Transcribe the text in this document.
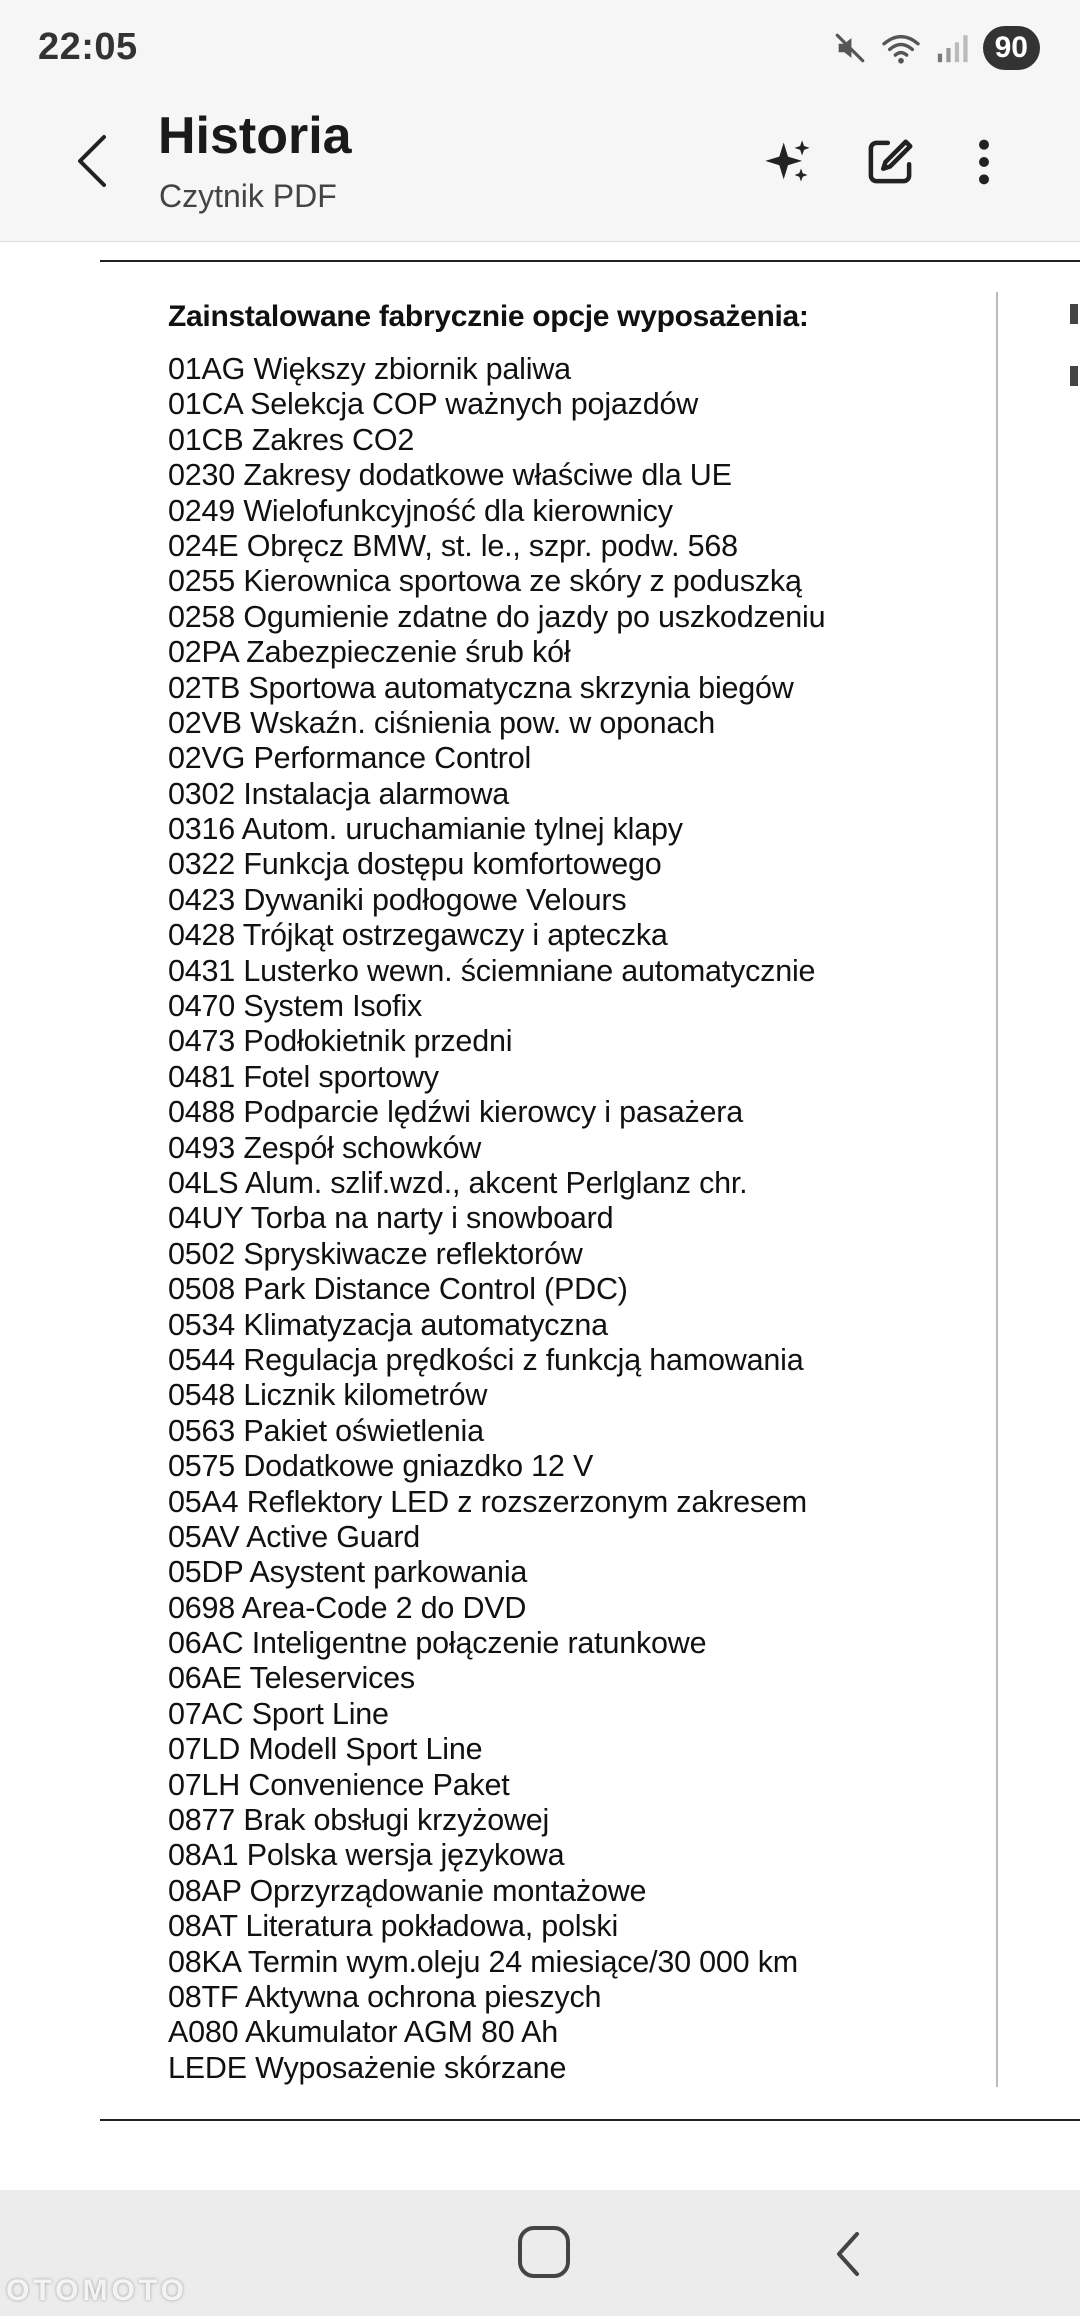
22:05	90
Historia
Czytnik PDF
Zainstalowane fabrycznie opcje wyposażenia:
01AG Większy zbiornik paliwa
01CA Selekcja COP ważnych pojazdów
01CB Zakres CO2
0230 Zakresy dodatkowe właściwe dla UE
0249 Wielofunkcyjność dla kierownicy
024E Obręcz BMW, st. le., szpr. podw. 568
0255 Kierownica sportowa ze skóry z poduszką
0258 Ogumienie zdatne do jazdy po uszkodzeniu
02PA Zabezpieczenie śrub kół
02TB Sportowa automatyczna skrzynia biegów
02VB Wskaźn. ciśnienia pow. w oponach
02VG Performance Control
0302 Instalacja alarmowa
0316 Autom. uruchamianie tylnej klapy
0322 Funkcja dostępu komfortowego
0423 Dywaniki podłogowe Velours
0428 Trójkąt ostrzegawczy i apteczka
0431 Lusterko wewn. ściemniane automatycznie
0470 System Isofix
0473 Podłokietnik przedni
0481 Fotel sportowy
0488 Podparcie lędźwi kierowcy i pasażera
0493 Zespół schowków
04LS Alum. szlif.wzd., akcent Perlglanz chr.
04UY Torba na narty i snowboard
0502 Spryskiwacze reflektorów
0508 Park Distance Control (PDC)
0534 Klimatyzacja automatyczna
0544 Regulacja prędkości z funkcją hamowania
0548 Licznik kilometrów
0563 Pakiet oświetlenia
0575 Dodatkowe gniazdko 12 V
05A4 Reflektory LED z rozszerzonym zakresem
05AV Active Guard
05DP Asystent parkowania
0698 Area-Code 2 do DVD
06AC Inteligentne połączenie ratunkowe
06AE Teleservices
07AC Sport Line
07LD Modell Sport Line
07LH Convenience Paket
0877 Brak obsługi krzyżowej
08A1 Polska wersja językowa
08AP Oprzyrządowanie montażowe
08AT Literatura pokładowa, polski
08KA Termin wym.oleju 24 miesiące/30 000 km
08TF Aktywna ochrona pieszych
A080 Akumulator AGM 80 Ah
LEDE Wyposażenie skórzane
OTOMOTO
